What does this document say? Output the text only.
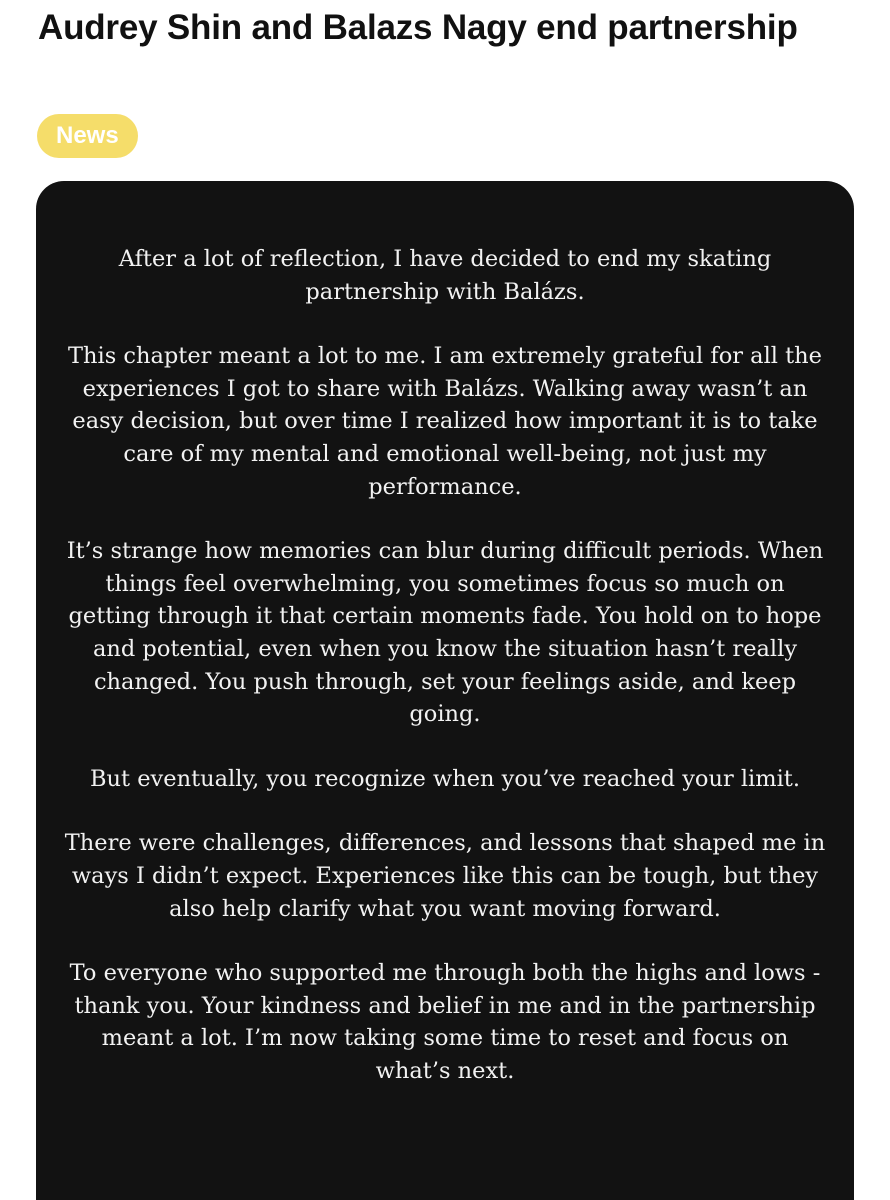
Audrey Shin and Balazs Nagy end partnership
News

After a lot of reflection, I have decided to end my skating partnership with Balázs.

This chapter meant a lot to me. I am extremely grateful for all the experiences I got to share with Balázs. Walking away wasn’t an easy decision, but over time I realized how important it is to take care of my mental and emotional well-being, not just my performance.

It’s strange how memories can blur during difficult periods. When things feel overwhelming, you sometimes focus so much on getting through it that certain moments fade. You hold on to hope and potential, even when you know the situation hasn’t really changed. You push through, set your feelings aside, and keep going.

But eventually, you recognize when you’ve reached your limit.

There were challenges, differences, and lessons that shaped me in ways I didn’t expect. Experiences like this can be tough, but they also help clarify what you want moving forward.

To everyone who supported me through both the highs and lows - thank you. Your kindness and belief in me and in the partnership meant a lot. I’m now taking some time to reset and focus on what’s next.
